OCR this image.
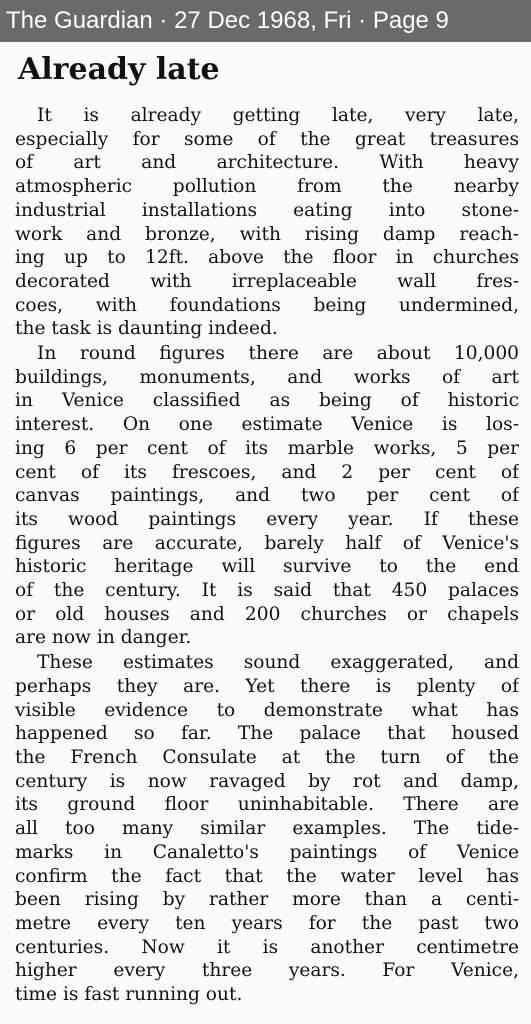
The Guardian · 27 Dec 1968, Fri · Page 9
Already late

It is already getting late, very late,
especially for some of the great treasures
of art and architecture. With heavy
atmospheric pollution from the nearby
industrial installations eating into stone-
work and bronze, with rising damp reach-
ing up to 12ft. above the floor in churches
decorated with irreplaceable wall fres-
coes, with foundations being undermined,
the task is daunting indeed.

In round figures there are about 10,000
buildings, monuments, and works of art
in Venice classified as being of historic
interest. On one estimate Venice is los-
ing 6 per cent of its marble works, 5 per
cent of its frescoes, and 2 per cent of
canvas paintings, and two per cent of
its wood paintings every year. If these
figures are accurate, barely half of Venice's
historic heritage will survive to the end
of the century. It is said that 450 palaces
or old houses and 200 churches or chapels
are now in danger.

These estimates sound exaggerated, and
perhaps they are. Yet there is plenty of
visible evidence to demonstrate what has
happened so far. The palace that housed
the French Consulate at the turn of the
century is now ravaged by rot and damp,
its ground floor uninhabitable. There are
all too many similar examples. The tide-
marks in Canaletto's paintings of Venice
confirm the fact that the water level has
been rising by rather more than a centi-
metre every ten years for the past two
centuries. Now it is another centimetre
higher every three years. For Venice,
time is fast running out.
